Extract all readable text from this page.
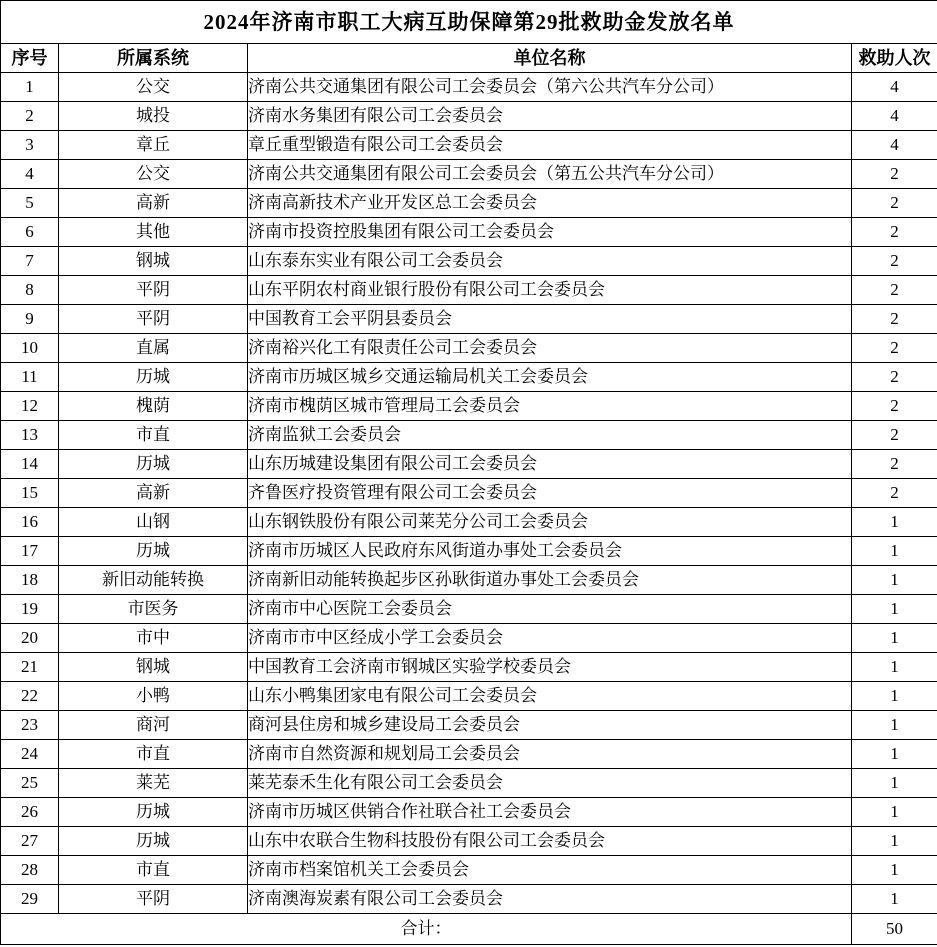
2024年济南市职工大病互助保障第29批救助金发放名单			
序号	所属系统	单位名称	救助人次
1	公交	济南公共交通集团有限公司工会委员会（第六公共汽车分公司）	4
2	城投	济南水务集团有限公司工会委员会	4
3	章丘	章丘重型锻造有限公司工会委员会	4
4	公交	济南公共交通集团有限公司工会委员会（第五公共汽车分公司）	2
5	高新	济南高新技术产业开发区总工会委员会	2
6	其他	济南市投资控股集团有限公司工会委员会	2
7	钢城	山东泰东实业有限公司工会委员会	2
8	平阴	山东平阴农村商业银行股份有限公司工会委员会	2
9	平阴	中国教育工会平阴县委员会	2
10	直属	济南裕兴化工有限责任公司工会委员会	2
11	历城	济南市历城区城乡交通运输局机关工会委员会	2
12	槐荫	济南市槐荫区城市管理局工会委员会	2
13	市直	济南监狱工会委员会	2
14	历城	山东历城建设集团有限公司工会委员会	2
15	高新	齐鲁医疗投资管理有限公司工会委员会	2
16	山钢	山东钢铁股份有限公司莱芜分公司工会委员会	1
17	历城	济南市历城区人民政府东风街道办事处工会委员会	1
18	新旧动能转换	济南新旧动能转换起步区孙耿街道办事处工会委员会	1
19	市医务	济南市中心医院工会委员会	1
20	市中	济南市市中区经成小学工会委员会	1
21	钢城	中国教育工会济南市钢城区实验学校委员会	1
22	小鸭	山东小鸭集团家电有限公司工会委员会	1
23	商河	商河县住房和城乡建设局工会委员会	1
24	市直	济南市自然资源和规划局工会委员会	1
25	莱芜	莱芜泰禾生化有限公司工会委员会	1
26	历城	济南市历城区供销合作社联合社工会委员会	1
27	历城	山东中农联合生物科技股份有限公司工会委员会	1
28	市直	济南市档案馆机关工会委员会	1
29	平阴	济南澳海炭素有限公司工会委员会	1
合计：			50
